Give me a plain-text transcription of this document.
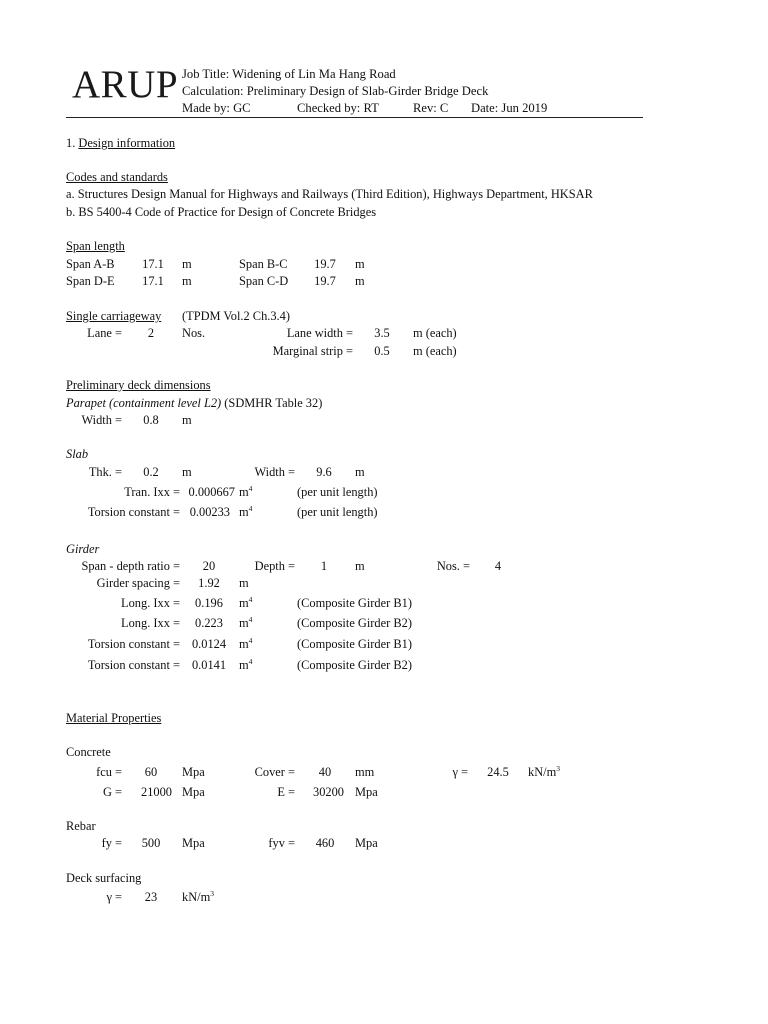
ARUP Job Title: Widening of Lin Ma Hang Road
Calculation: Preliminary Design of Slab-Girder Bridge Deck
Made by: GC	Checked by: RT	Rev: C Date: Jun 2019
1. Design information
Codes and standards
a. Structures Design Manual for Highways and Railways (Third Edition), Highways Department, HKSAR
b. BS 5400-4 Code of Practice for Design of Concrete Bridges
Span length
Span A-B	17.1	m	Span B-C	19.7	m
Span D-E	17.1	m	Span C-D	19.7	m
Single carriageway (TPDM Vol.2 Ch.3.4)
Lane =	2	Nos.	Lane width =	3.5	m (each)
Marginal strip =	0.5	m (each)
Preliminary deck dimensions
Parapet (containment level L2) (SDMHR Table 32)
Width =	0.8	m
Slab
Thk. =	0.2	m	Width =	9.6	m
Tran. Ixx = 0.000667 $m^4$	(per unit length)
Torsion constant = 0.00233 $m^4$	(per unit length)
Girder
Span - depth ratio =	20	Depth =	1	m	Nos. =	4
Girder spacing =	1.92	m
Long. Ixx =	0.196	$m^4$	(Composite Girder B1)
Long. Ixx =	0.223	$m^4$	(Composite Girder B2)
Torsion constant = 0.0124	$m^4$	(Composite Girder B1)
Torsion constant = 0.0141	$m^4$	(Composite Girder B2)
Material Properties
Concrete
fcu =	60	Mpa	Cover =	40	mm	γ =	24.5	$kN/m^3$
G =	21000 Mpa	E =	30200 Mpa
Rebar
fy =	500	Mpa	fyv =	460	Mpa
Deck surfacing
γ =	23	$kN/m^3$
